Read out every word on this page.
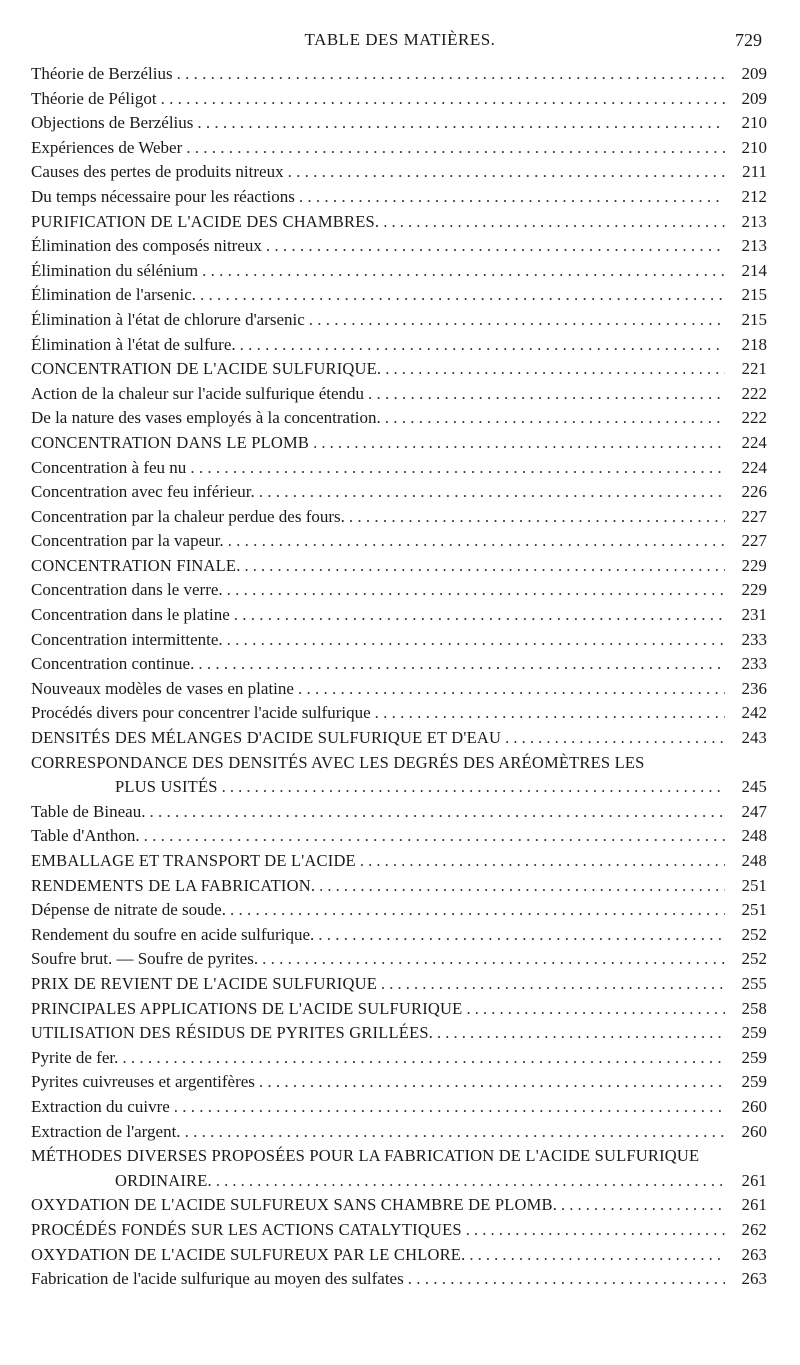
TABLE DES MATIÈRES.	729
Théorie de Berzélius . . .	209
Théorie de Péligot . . .	209
Objections de Berzélius . . .	210
Expériences de Weber . . .	210
Causes des pertes de produits nitreux . . .	211
Du temps nécessaire pour les réactions . . .	212
PURIFICATION DE L'ACIDE DES CHAMBRES. . . .	213
Élimination des composés nitreux . . .	213
Élimination du sélénium . . .	214
Élimination de l'arsenic. . . .	215
Élimination à l'état de chlorure d'arsenic . . .	215
Élimination à l'état de sulfure. . . .	218
CONCENTRATION DE L'ACIDE SULFURIQUE. . . .	221
Action de la chaleur sur l'acide sulfurique étendu . . .	222
De la nature des vases employés à la concentration. . . .	222
CONCENTRATION DANS LE PLOMB . . .	224
Concentration à feu nu . . .	224
Concentration avec feu inférieur. . . .	226
Concentration par la chaleur perdue des fours. . . .	227
Concentration par la vapeur. . . .	227
CONCENTRATION FINALE. . . .	229
Concentration dans le verre. . . .	229
Concentration dans le platine . . .	231
Concentration intermittente. . . .	233
Concentration continue. . . .	233
Nouveaux modèles de vases en platine . . .	236
Procédés divers pour concentrer l'acide sulfurique . . .	242
DENSITÉS DES MÉLANGES D'ACIDE SULFURIQUE ET D'EAU . . .	243
CORRESPONDANCE DES DENSITÉS AVEC LES DEGRÉS DES ARÉOMÈTRES LES
PLUS USITÉS . . .	245
Table de Bineau. . . .	247
Table d'Anthon. . . .	248
EMBALLAGE ET TRANSPORT DE L'ACIDE . . .	248
RENDEMENTS DE LA FABRICATION. . . .	251
Dépense de nitrate de soude. . . .	251
Rendement du soufre en acide sulfurique. . . .	252
Soufre brut. — Soufre de pyrites. . . .	252
PRIX DE REVIENT DE L'ACIDE SULFURIQUE . . .	255
PRINCIPALES APPLICATIONS DE L'ACIDE SULFURIQUE . . .	258
UTILISATION DES RÉSIDUS DE PYRITES GRILLÉES. . . .	259
Pyrite de fer. . . .	259
Pyrites cuivreuses et argentifères . . .	259
Extraction du cuivre . . .	260
Extraction de l'argent. . . .	260
MÉTHODES DIVERSES PROPOSÉES POUR LA FABRICATION DE L'ACIDE SULFURIQUE
ORDINAIRE. . . .	261
OXYDATION DE L'ACIDE SULFUREUX SANS CHAMBRE DE PLOMB. . . .	261
PROCÉDÉS FONDÉS SUR LES ACTIONS CATALYTIQUES . . .	262
OXYDATION DE L'ACIDE SULFUREUX PAR LE CHLORE. . . .	263
Fabrication de l'acide sulfurique au moyen des sulfates . . .	263
